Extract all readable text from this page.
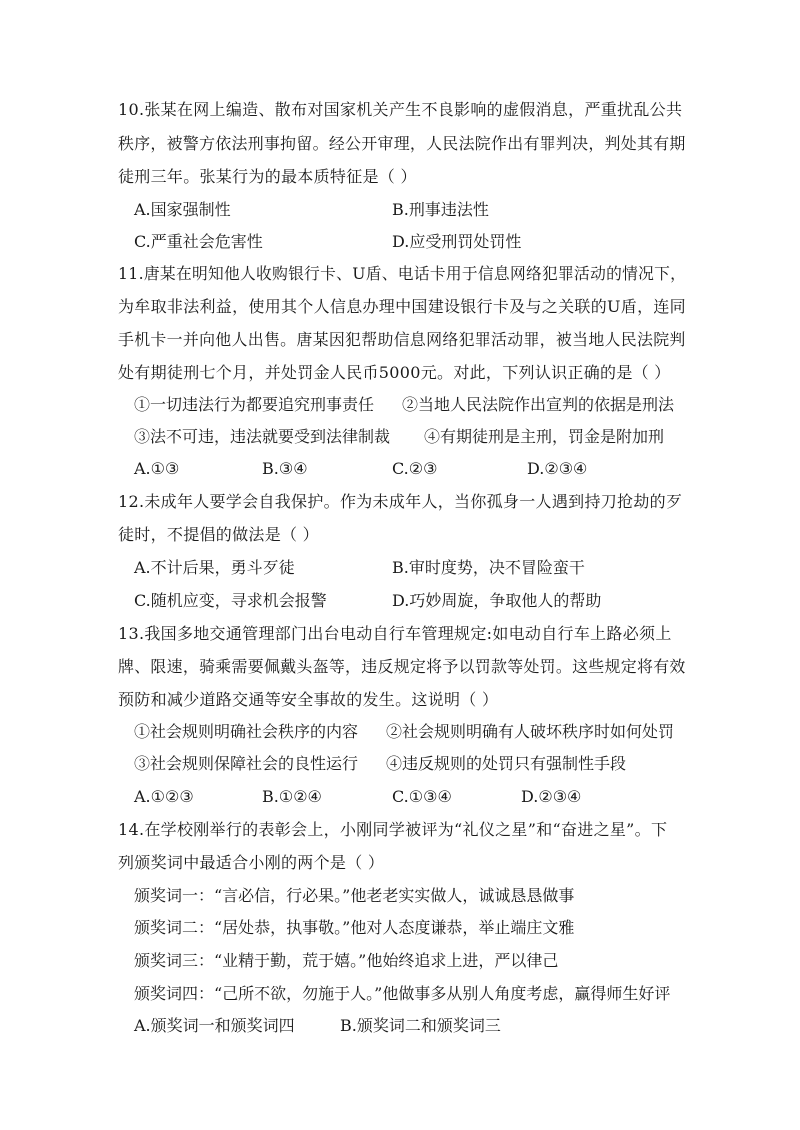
10.张某在网上编造、散布对国家机关产生不良影响的虚假消息，严重扰乱公共
秩序，被警方依法刑事拘留。经公开审理，人民法院作出有罪判决，判处其有期
徒刑三年。张某行为的最本质特征是（ ）
A.国家强制性	B.刑事违法性
C.严重社会危害性	D.应受刑罚处罚性
11.唐某在明知他人收购银行卡、U盾、电话卡用于信息网络犯罪活动的情况下，
为牟取非法利益，使用其个人信息办理中国建设银行卡及与之关联的U盾，连同
手机卡一并向他人出售。唐某因犯帮助信息网络犯罪活动罪，被当地人民法院判
处有期徒刑七个月，并处罚金人民币5000元。对此，下列认识正确的是（ ）
①一切违法行为都要追究刑事责任 ②当地人民法院作出宣判的依据是刑法
③法不可违，违法就要受到法律制裁 ④有期徒刑是主刑，罚金是附加刑
A.①③	B.③④	C.②③	D.②③④
12.未成年人要学会自我保护。作为未成年人，当你孤身一人遇到持刀抢劫的歹
徒时，不提倡的做法是（ ）
A.不计后果，勇斗歹徒	B.审时度势，决不冒险蛮干
C.随机应变，寻求机会报警	D.巧妙周旋，争取他人的帮助
13.我国多地交通管理部门出台电动自行车管理规定:如电动自行车上路必须上
牌、限速，骑乘需要佩戴头盔等，违反规定将予以罚款等处罚。这些规定将有效
预防和减少道路交通等安全事故的发生。这说明（ ）
①社会规则明确社会秩序的内容 ②社会规则明确有人破坏秩序时如何处罚
③社会规则保障社会的良性运行 ④违反规则的处罚只有强制性手段
A.①②③	B.①②④	C.①③④	D.②③④
14.在学校刚举行的表彰会上，小刚同学被评为“礼仪之星”和“奋进之星”。下
列颁奖词中最适合小刚的两个是（ ）
颁奖词一：“言必信，行必果。”他老老实实做人，诚诚恳恳做事
颁奖词二：“居处恭，执事敬。”他对人态度谦恭，举止端庄文雅
颁奖词三：“业精于勤，荒于嬉。”他始终追求上进，严以律己
颁奖词四：“己所不欲，勿施于人。”他做事多从别人角度考虑，赢得师生好评
A.颁奖词一和颁奖词四	B.颁奖词二和颁奖词三
